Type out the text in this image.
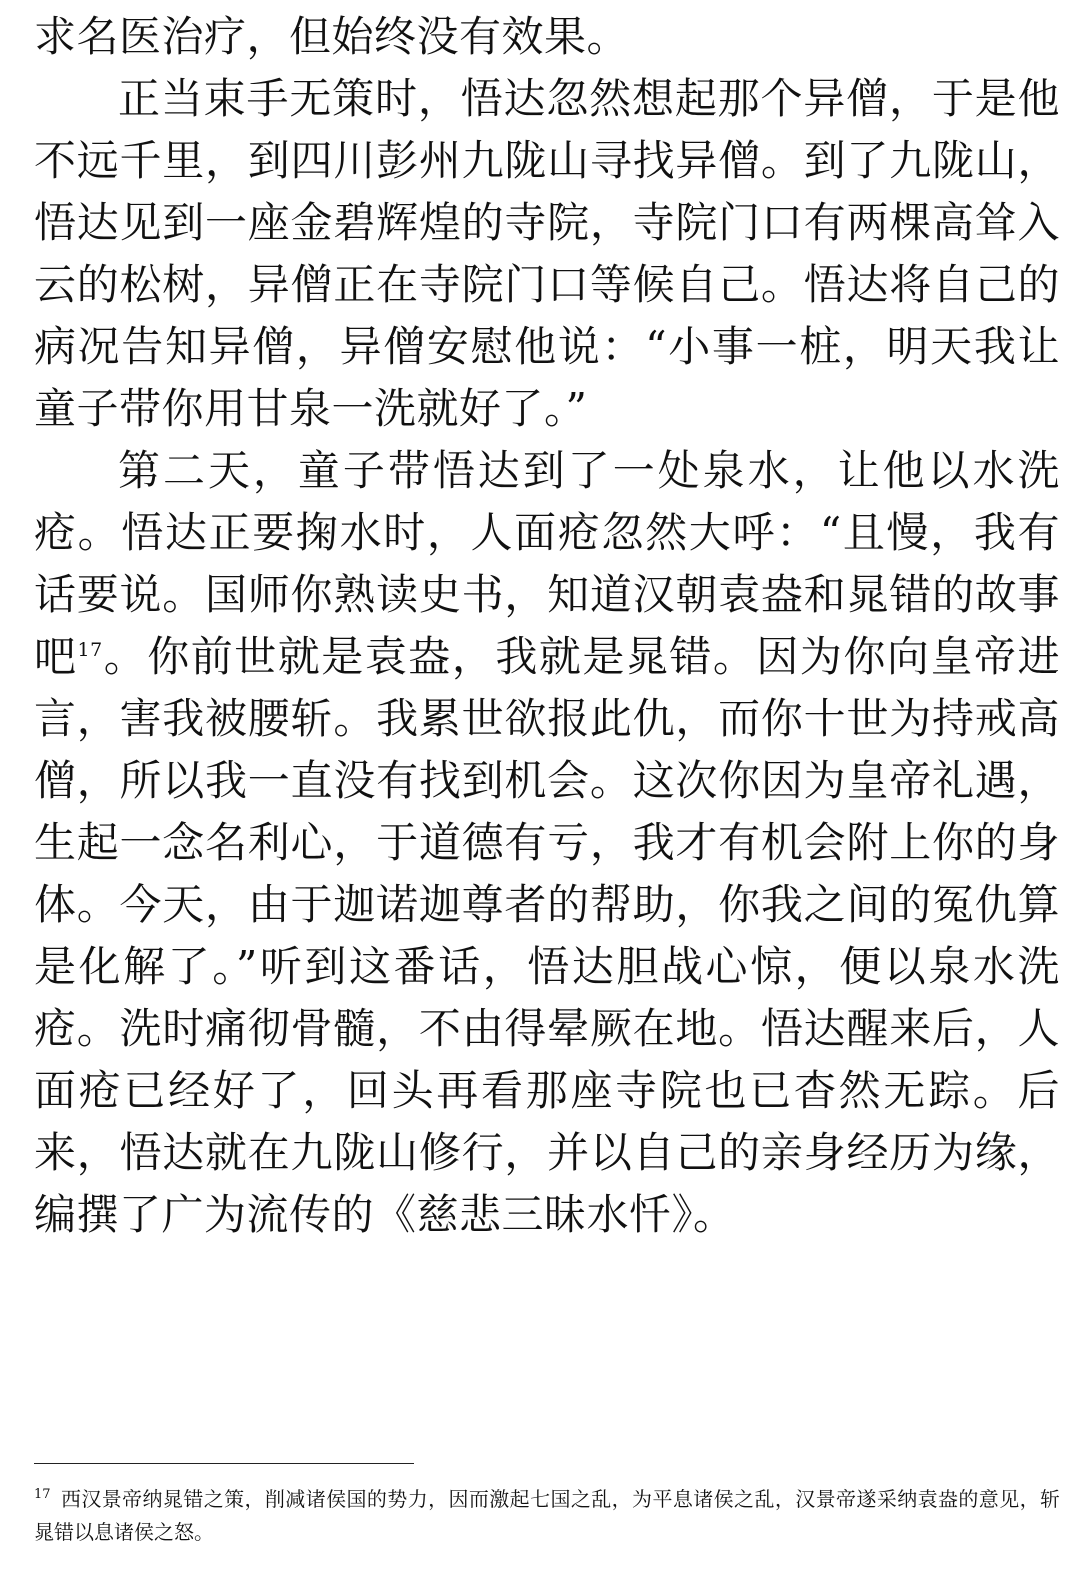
求名医治疗，但始终没有效果。

正当束手无策时，悟达忽然想起那个异僧，于是他不远千里，到四川彭州九陇山寻找异僧。到了九陇山，悟达见到一座金碧辉煌的寺院，寺院门口有两棵高耸入云的松树，异僧正在寺院门口等候自己。悟达将自己的病况告知异僧，异僧安慰他说：“小事一桩，明天我让童子带你用甘泉一洗就好了。”

第二天，童子带悟达到了一处泉水，让他以水洗疮。悟达正要掬水时，人面疮忽然大呼：“且慢，我有话要说。国师你熟读史书，知道汉朝袁盎和晁错的故事吧$^{17}$。你前世就是袁盎，我就是晁错。因为你向皇帝进言，害我被腰斩。我累世欲报此仇，而你十世为持戒高僧，所以我一直没有找到机会。这次你因为皇帝礼遇，生起一念名利心，于道德有亏，我才有机会附上你的身体。今天，由于迦诺迦尊者的帮助，你我之间的冤仇算是化解了。”听到这番话，悟达胆战心惊，便以泉水洗疮。洗时痛彻骨髓，不由得晕厥在地。悟达醒来后，人面疮已经好了，回头再看那座寺院也已杳然无踪。后来，悟达就在九陇山修行，并以自己的亲身经历为缘，编撰了广为流传的《慈悲三昧水忏》。

$^{17}$ 西汉景帝纳晁错之策，削减诸侯国的势力，因而激起七国之乱，为平息诸侯之乱，汉景帝遂采纳袁盎的意见，斩晁错以息诸侯之怒。
